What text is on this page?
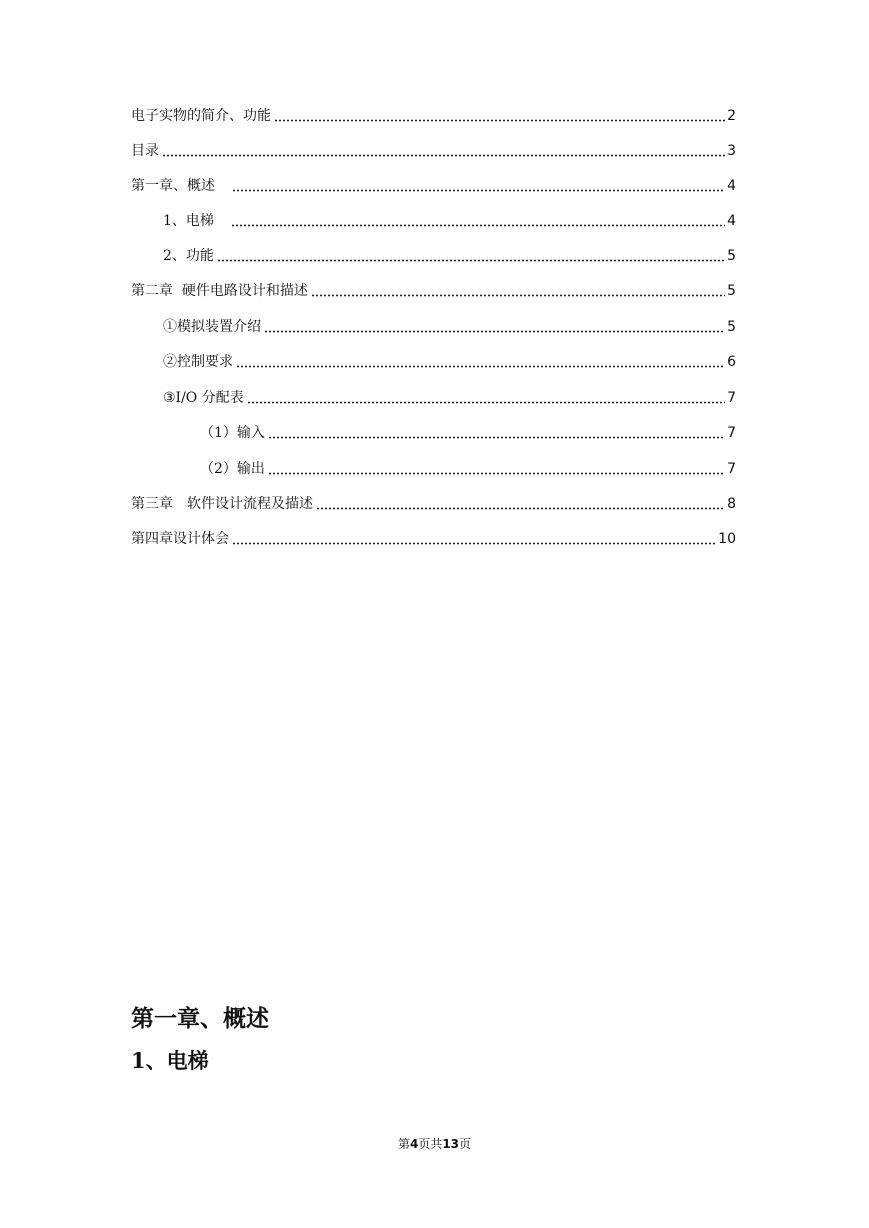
电子实物的简介、功能	2
目录	3
第一章、概述　	4
1、电梯　	4
2、功能	5
第二章  硬件电路设计和描述	5
①模拟装置介绍	5
②控制要求	6
③I/O 分配表	7
（1）输入	7
（2）输出	7
第三章　软件设计流程及描述	8
第四章设计体会	10
第一章、概述
1、电梯
第4页共13页
